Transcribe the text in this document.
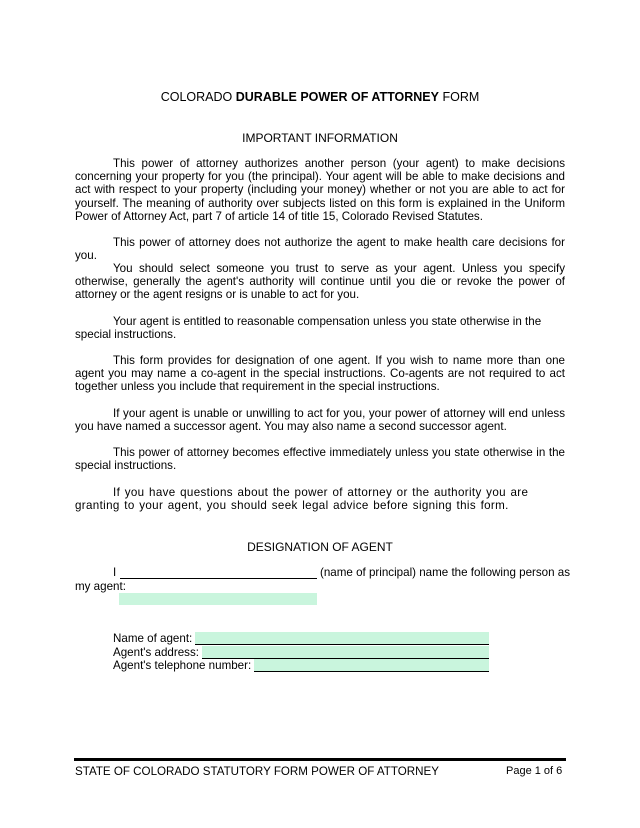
COLORADO DURABLE POWER OF ATTORNEY FORM
IMPORTANT INFORMATION
This power of attorney authorizes another person (your agent) to make decisions concerning your property for you (the principal). Your agent will be able to make decisions and act with respect to your property (including your money) whether or not you are able to act for yourself. The meaning of authority over subjects listed on this form is explained in the Uniform Power of Attorney Act, part 7 of article 14 of title 15, Colorado Revised Statutes.
This power of attorney does not authorize the agent to make health care decisions for you.
You should select someone you trust to serve as your agent. Unless you specify otherwise, generally the agent's authority will continue until you die or revoke the power of attorney or the agent resigns or is unable to act for you.
Your agent is entitled to reasonable compensation unless you state otherwise in the special instructions.
This form provides for designation of one agent. If you wish to name more than one agent you may name a co-agent in the special instructions. Co-agents are not required to act together unless you include that requirement in the special instructions.
If your agent is unable or unwilling to act for you, your power of attorney will end unless you have named a successor agent. You may also name a second successor agent.
This power of attorney becomes effective immediately unless you state otherwise in the special instructions.
If you have questions about the power of attorney or the authority you are granting to your agent, you should seek legal advice before signing this form.
DESIGNATION OF AGENT
I	(name of principal) name the following person as
my agent:
Name of agent:
Agent's address:
Agent's telephone number:
STATE OF COLORADO STATUTORY FORM POWER OF ATTORNEY	Page 1 of 6
